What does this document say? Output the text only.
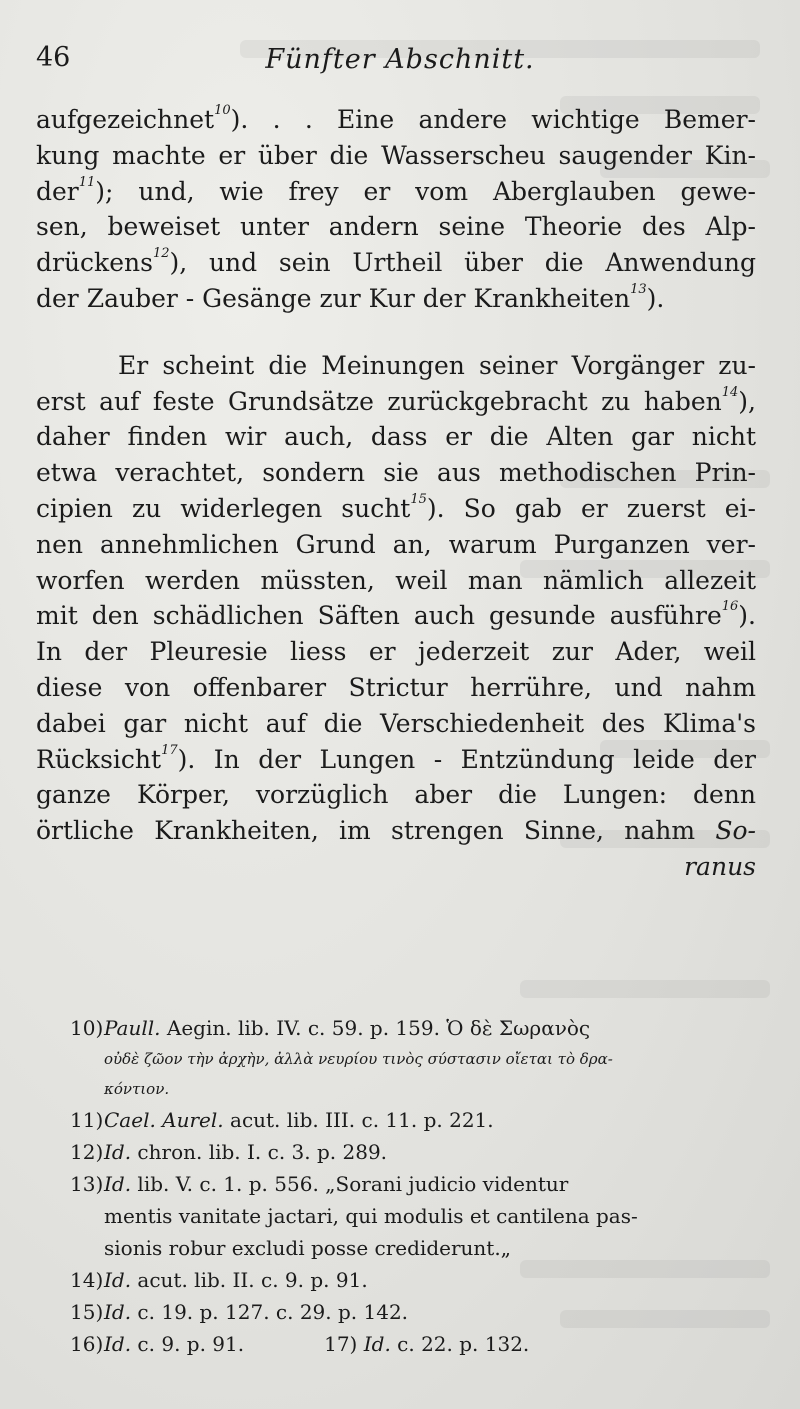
46	Fünfter Abschnitt.
aufgezeichnet$^{10}$). . . Eine andere wichtige Bemer-
kung machte er über die Wasserscheu saugender Kin-
der$^{11}$); und, wie frey er vom Aberglauben gewe-
sen, beweiset unter andern seine Theorie des Alp-
drückens$^{12}$), und sein Urtheil über die Anwendung
der Zauber - Gesänge zur Kur der Krankheiten$^{13}$).
Er scheint die Meinungen seiner Vorgänger zu-
erst auf feste Grundsätze zurückgebracht zu haben$^{14}$),
daher finden wir auch, dass er die Alten gar nicht
etwa verachtet, sondern sie aus methodischen Prin-
cipien zu widerlegen sucht$^{15}$). So gab er zuerst ei-
nen annehmlichen Grund an, warum Purganzen ver-
worfen werden müssten, weil man nämlich allezeit
mit den schädlichen Säften auch gesunde ausführe$^{16}$).
In der Pleuresie liess er jederzeit zur Ader, weil
diese von offenbarer Strictur herrühre, und nahm
dabei gar nicht auf die Verschiedenheit des Klima's
Rücksicht$^{17}$). In der Lungen - Entzündung leide der
ganze Körper, vorzüglich aber die Lungen: denn
örtliche Krankheiten, im strengen Sinne, nahm So-
ranus
10)Paull. Aegin. lib. IV. c. 59. p. 159. Ὁ δὲ Σωρανὸς
οὐδὲ ζῶον τὴν ἀρχὴν, ἀλλὰ νευρίου τινὸς σύστασιν οἴεται τὸ δρα-
κόντιον.
11)Cael. Aurel. acut. lib. III. c. 11. p. 221.
12)Id. chron. lib. I. c. 3. p. 289.
13)Id. lib. V. c. 1. p. 556. „Sorani judicio videntur
mentis vanitate jactari, qui modulis et cantilena pas-
sionis robur excludi posse crediderunt.„
14)Id. acut. lib. II. c. 9. p. 91.
15)Id. c. 19. p. 127. c. 29. p. 142.
16)Id. c. 9. p. 91.	17) Id. c. 22. p. 132.
